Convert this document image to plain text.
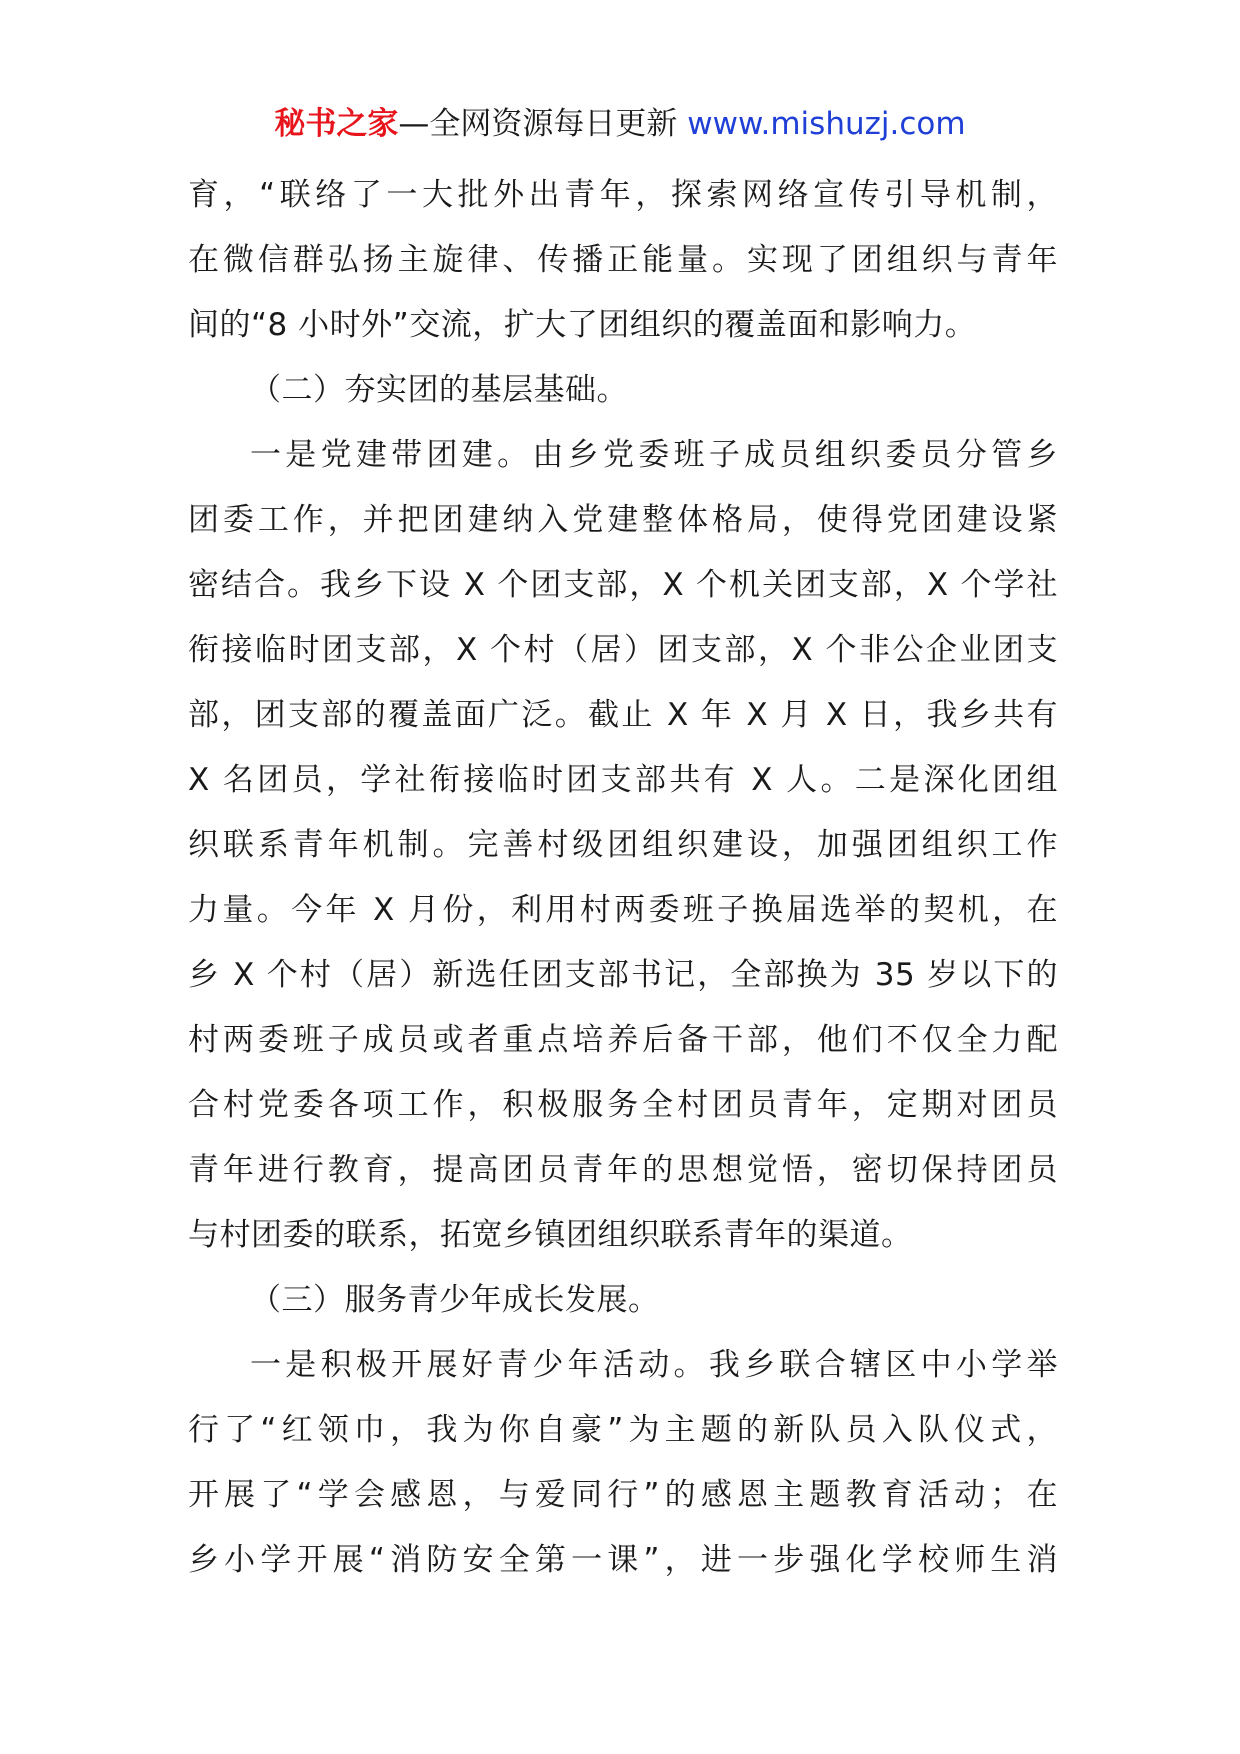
秘书之家—全网资源每日更新 www.mishuzj.com
育，“联络了一大批外出青年，探索网络宣传引导机制，
在微信群弘扬主旋律、传播正能量。实现了团组织与青年
间的“8 小时外”交流，扩大了团组织的覆盖面和影响力。
（二）夯实团的基层基础。
一是党建带团建。由乡党委班子成员组织委员分管乡
团委工作，并把团建纳入党建整体格局，使得党团建设紧
密结合。我乡下设 X 个团支部，X 个机关团支部，X 个学社
衔接临时团支部，X 个村（居）团支部，X 个非公企业团支
部，团支部的覆盖面广泛。截止 X 年 X 月 X 日，我乡共有
X 名团员，学社衔接临时团支部共有 X 人。二是深化团组
织联系青年机制。完善村级团组织建设，加强团组织工作
力量。今年 X 月份，利用村两委班子换届选举的契机，在
乡 X 个村（居）新选任团支部书记，全部换为 35 岁以下的
村两委班子成员或者重点培养后备干部，他们不仅全力配
合村党委各项工作，积极服务全村团员青年，定期对团员
青年进行教育，提高团员青年的思想觉悟，密切保持团员
与村团委的联系，拓宽乡镇团组织联系青年的渠道。
（三）服务青少年成长发展。
一是积极开展好青少年活动。我乡联合辖区中小学举
行了“红领巾，我为你自豪”为主题的新队员入队仪式，
开展了“学会感恩，与爱同行”的感恩主题教育活动；在
乡小学开展“消防安全第一课”，进一步强化学校师生消
